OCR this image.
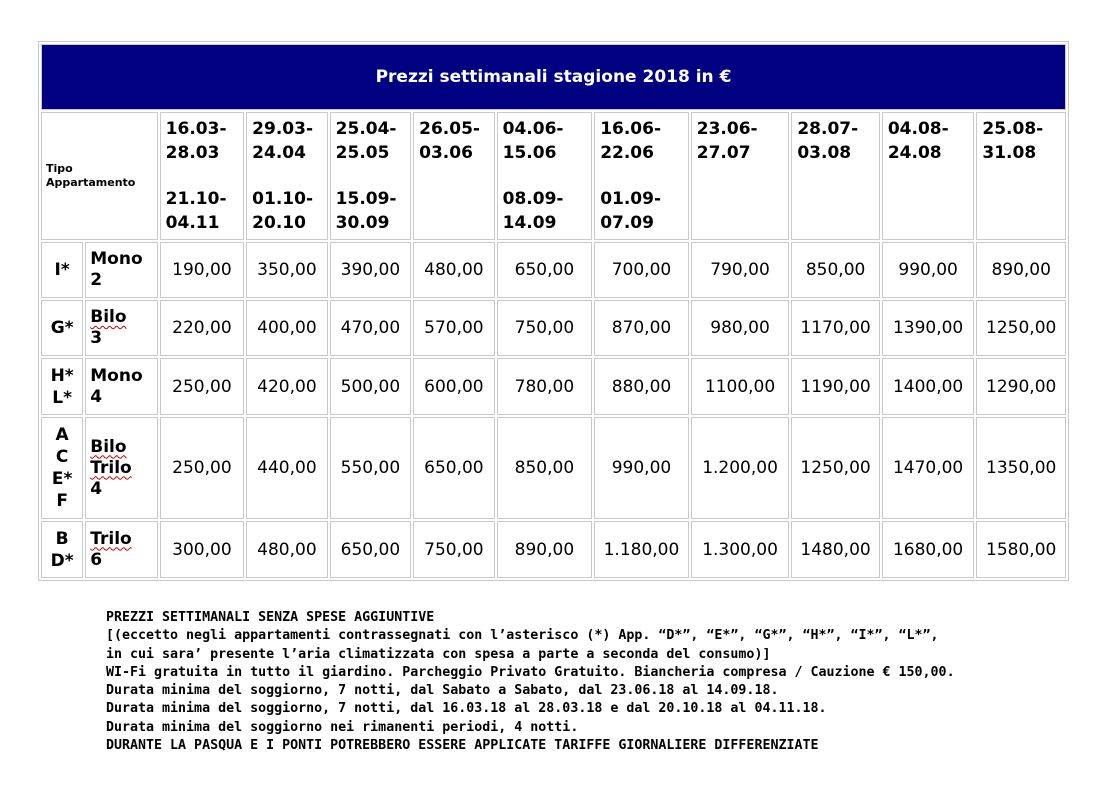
Prezzi settimanali stagione 2018 in €											

Tipo
Appartamento		16.03-
28.03
21.10-
04.11	29.03-
24.04
01.10-
20.10	25.04-
25.05
15.09-
30.09	26.05-
03.06	04.06-
15.06
08.09-
14.09	16.06-
22.06
01.09-
07.09	23.06-
27.07	28.07-
03.08	04.08-
24.08	25.08-
31.08

I*	Mono
2	190,00	350,00	390,00	480,00	650,00	700,00	790,00	850,00	990,00	890,00

G*	Bilo
3	220,00	400,00	470,00	570,00	750,00	870,00	980,00	1170,00	1390,00	1250,00

H*
L*	Mono
4	250,00	420,00	500,00	600,00	780,00	880,00	1100,00	1190,00	1400,00	1290,00

A
C
E*
F	Bilo
Trilo
4	250,00	440,00	550,00	650,00	850,00	990,00	1.200,00	1250,00	1470,00	1350,00

B
D*	Trilo
6	300,00	480,00	650,00	750,00	890,00	1.180,00	1.300,00	1480,00	1680,00	1580,00
PREZZI SETTIMANALI SENZA SPESE AGGIUNTIVE
[(eccetto negli appartamenti contrassegnati con l’asterisco (*) App. “D*”, “E*”, “G*”, “H*”, “I*”, “L*”,
in cui sara’ presente l’aria climatizzata con spesa a parte a seconda del consumo)]
WI-Fi gratuita in tutto il giardino. Parcheggio Privato Gratuito. Biancheria compresa / Cauzione € 150,00.
Durata minima del soggiorno, 7 notti, dal Sabato a Sabato, dal 23.06.18 al 14.09.18.
Durata minima del soggiorno, 7 notti, dal 16.03.18 al 28.03.18 e dal 20.10.18 al 04.11.18.
Durata minima del soggiorno nei rimanenti periodi, 4 notti.
DURANTE LA PASQUA E I PONTI POTREBBERO ESSERE APPLICATE TARIFFE GIORNALIERE DIFFERENZIATE
